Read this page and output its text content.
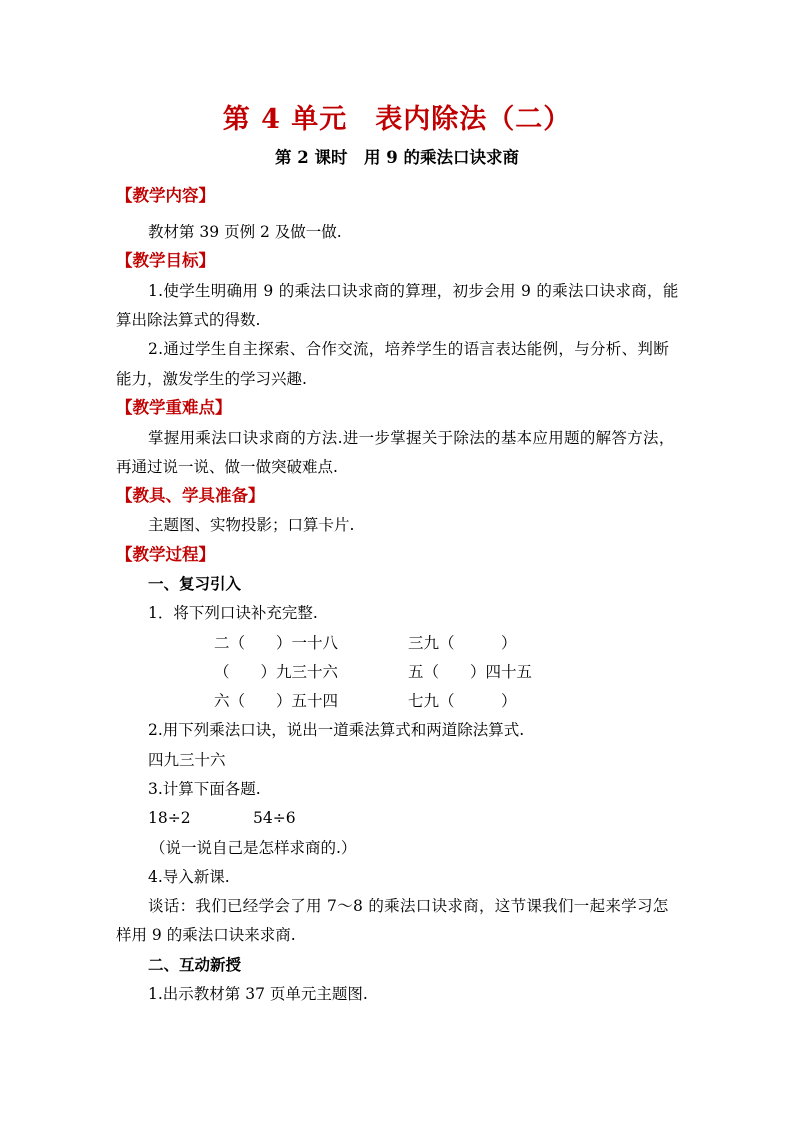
第 4 单元　表内除法（二）
第 2 课时　用 9 的乘法口诀求商
【教学内容】
教材第 39 页例 2 及做一做.
【教学目标】
1.使学生明确用 9 的乘法口诀求商的算理，初步会用 9 的乘法口诀求商，能
算出除法算式的得数.
2.通过学生自主探索、合作交流，培养学生的语言表达能例，与分析、判断
能力，激发学生的学习兴趣.
【教学重难点】
掌握用乘法口诀求商的方法.进一步掌握关于除法的基本应用题的解答方法，
再通过说一说、做一做突破难点.
【教具、学具准备】
主题图、实物投影；口算卡片.
【教学过程】
一、复习引入
1．将下列口诀补充完整.
二（　　）一十八	三九（　　　）
（　　）九三十六	五（　　）四十五
六（　　）五十四	七九（　　　）
2.用下列乘法口诀，说出一道乘法算式和两道除法算式.
四九三十六
3.计算下面各题.
18÷2	54÷6
（说一说自己是怎样求商的.）
4.导入新课.
谈话：我们已经学会了用 7～8 的乘法口诀求商，这节课我们一起来学习怎
样用 9 的乘法口诀来求商.
二、互动新授
1.出示教材第 37 页单元主题图.
